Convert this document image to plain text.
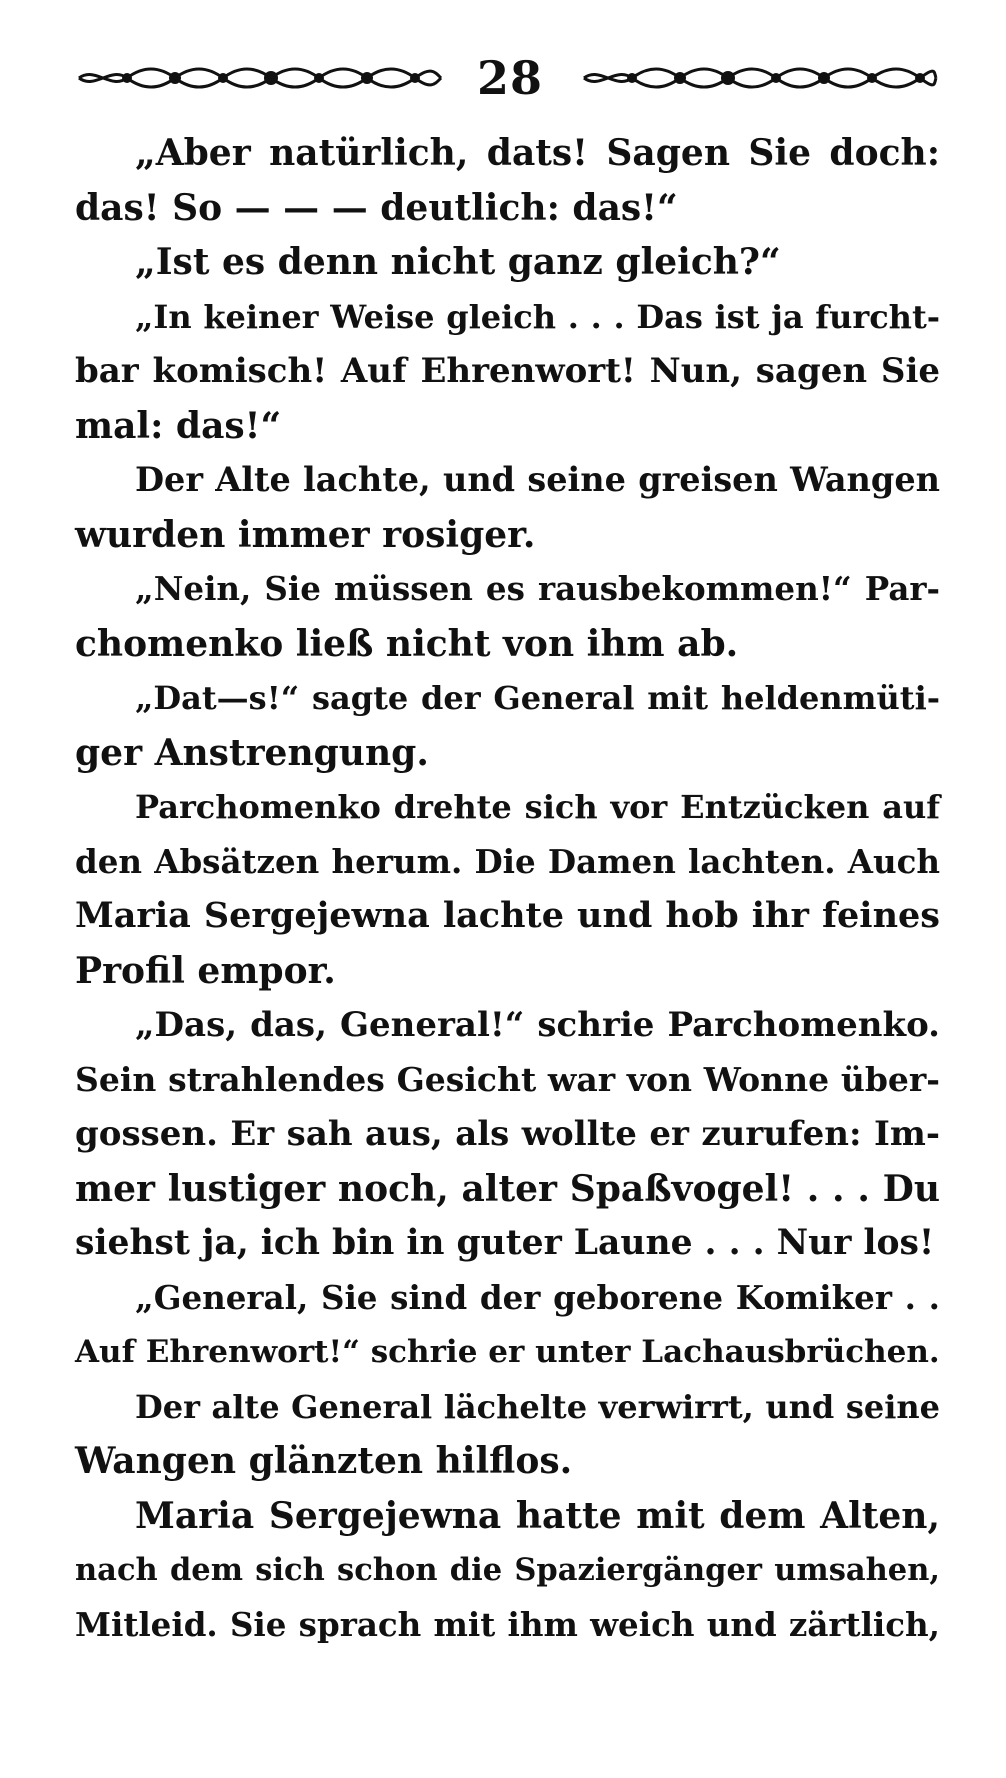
28
„Aber natürlich, dats! Sagen Sie doch:
das! So — — — deutlich: das!“
„Ist es denn nicht ganz gleich?“
„In keiner Weise gleich . . . Das ist ja furcht-
bar komisch! Auf Ehrenwort! Nun, sagen Sie
mal: das!“
Der Alte lachte, und seine greisen Wangen
wurden immer rosiger.
„Nein, Sie müssen es rausbekommen!“ Par-
chomenko ließ nicht von ihm ab.
„Dat—s!“ sagte der General mit heldenmüti-
ger Anstrengung.
Parchomenko drehte sich vor Entzücken auf
den Absätzen herum. Die Damen lachten. Auch
Maria Sergejewna lachte und hob ihr feines
Profil empor.
„Das, das, General!“ schrie Parchomenko.
Sein strahlendes Gesicht war von Wonne über-
gossen. Er sah aus, als wollte er zurufen: Im-
mer lustiger noch, alter Spaßvogel! . . . Du
siehst ja, ich bin in guter Laune . . . Nur los!
„General, Sie sind der geborene Komiker . .
Auf Ehrenwort!“ schrie er unter Lachausbrüchen.
Der alte General lächelte verwirrt, und seine
Wangen glänzten hilflos.
Maria Sergejewna hatte mit dem Alten,
nach dem sich schon die Spaziergänger umsahen,
Mitleid. Sie sprach mit ihm weich und zärtlich,
